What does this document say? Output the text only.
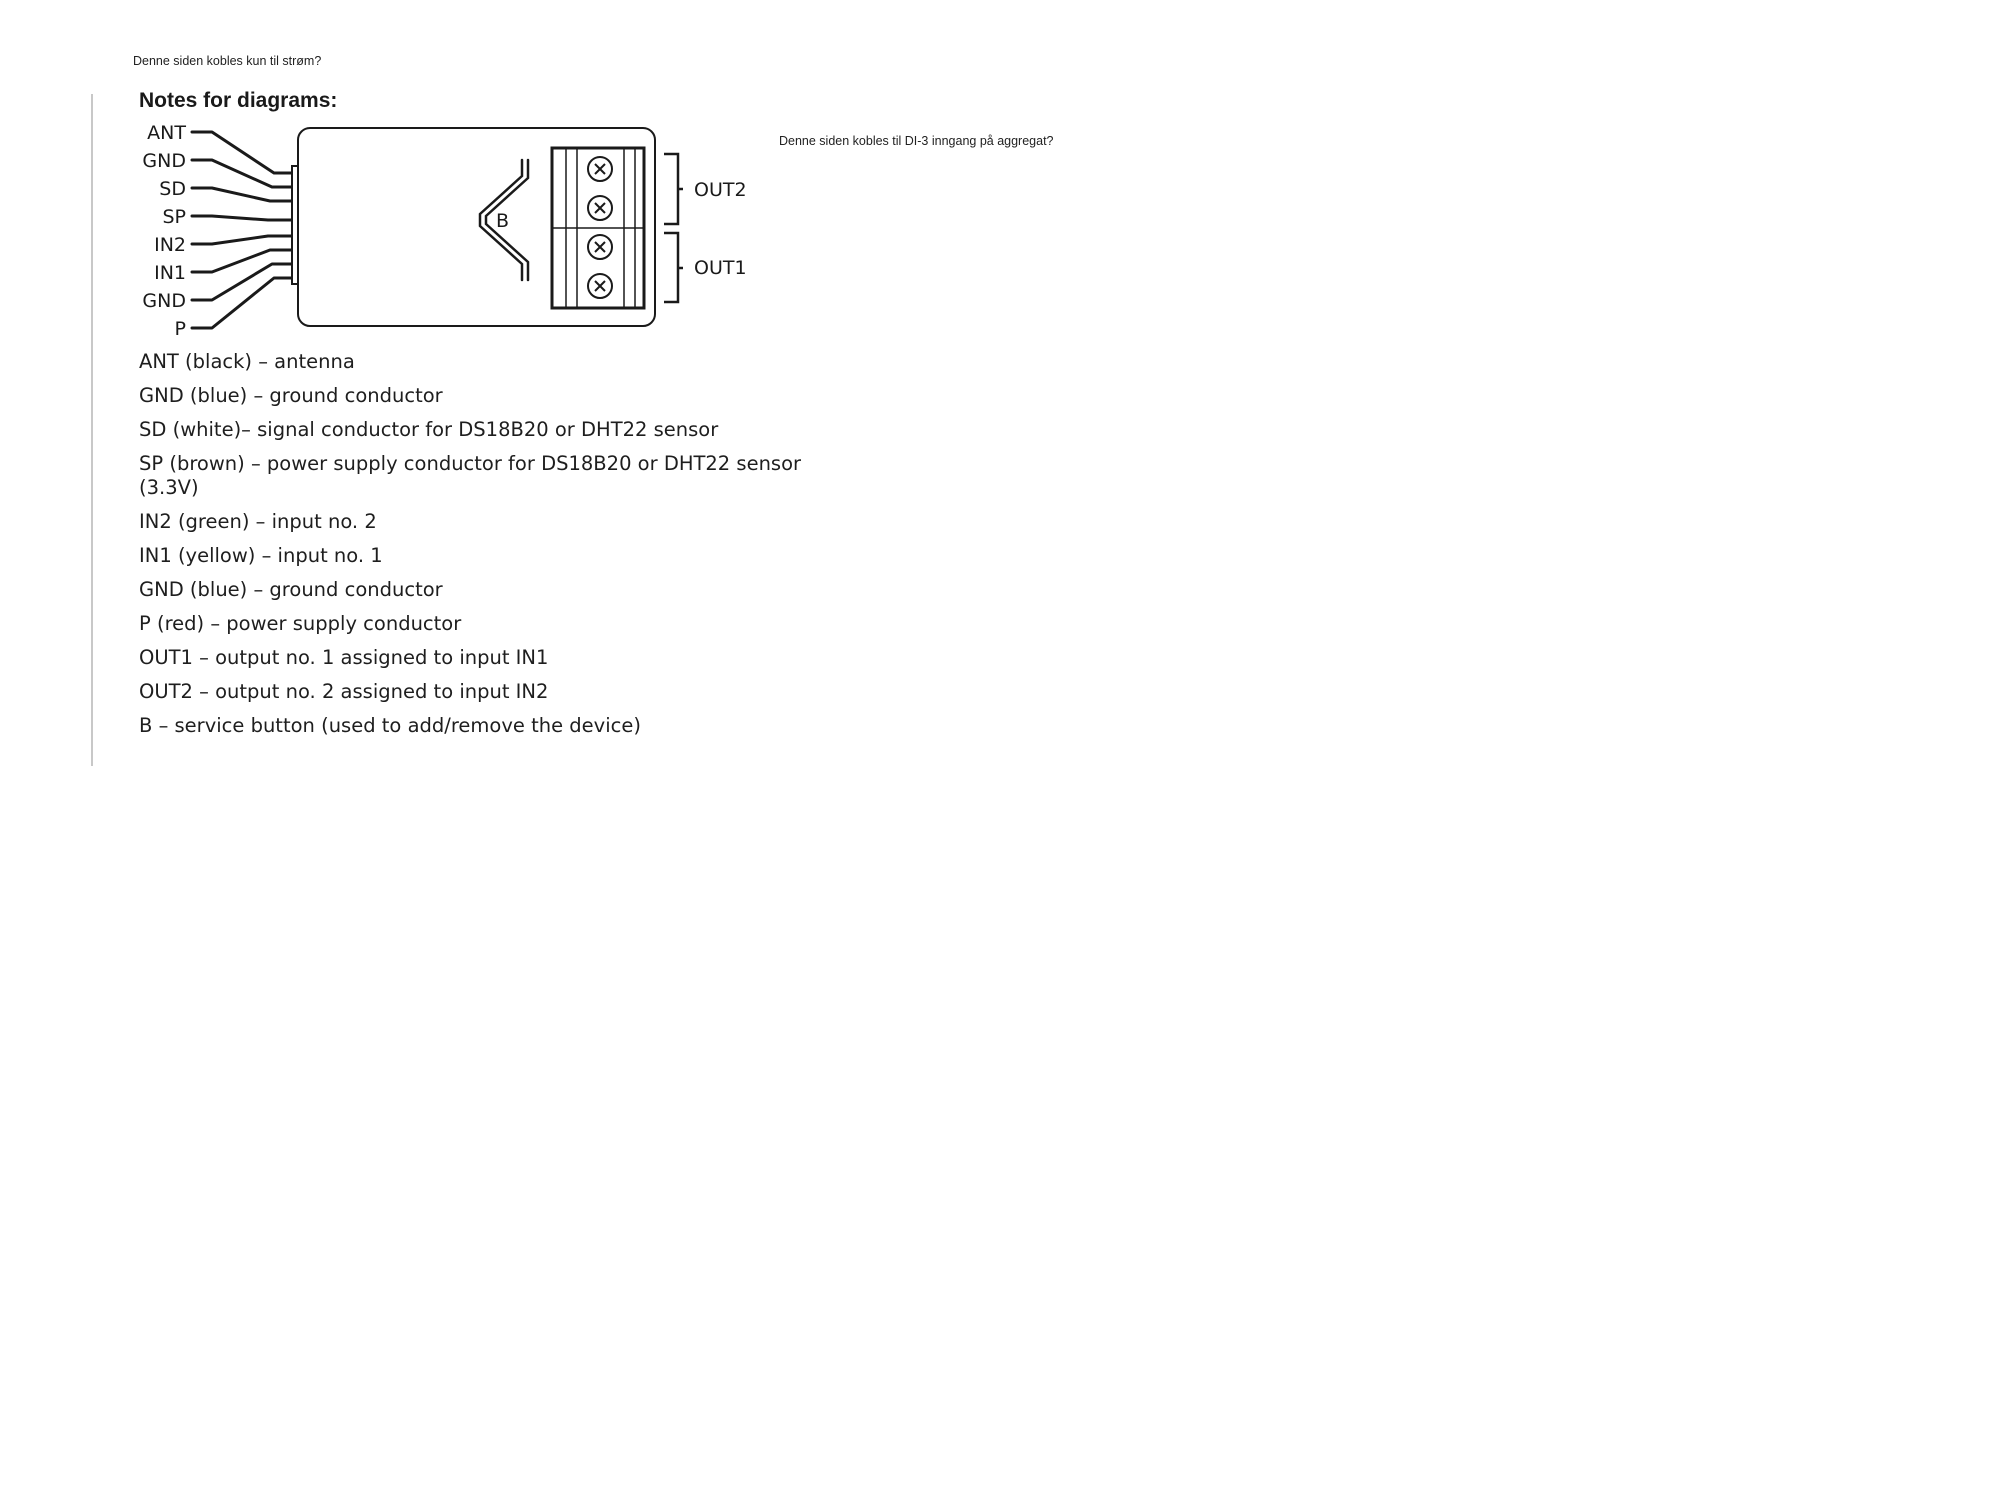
Denne siden kobles kun til strøm?
Denne siden kobles til DI-3 inngang på aggregat?
Notes for diagrams:
B
OUT2
OUT1
ANT
GND
SD
SP
IN2
IN1
GND
P
ANT (black) – antenna
GND (blue) – ground conductor
SD (white)– signal conductor for DS18B20 or DHT22 sensor
SP (brown) – power supply conductor for DS18B20 or DHT22 sensor (3.3V)
IN2 (green) – input no. 2
IN1 (yellow) – input no. 1
GND (blue) – ground conductor
P (red) – power supply conductor
OUT1 – output no. 1 assigned to input IN1
OUT2 – output no. 2 assigned to input IN2
B – service button (used to add/remove the device)
